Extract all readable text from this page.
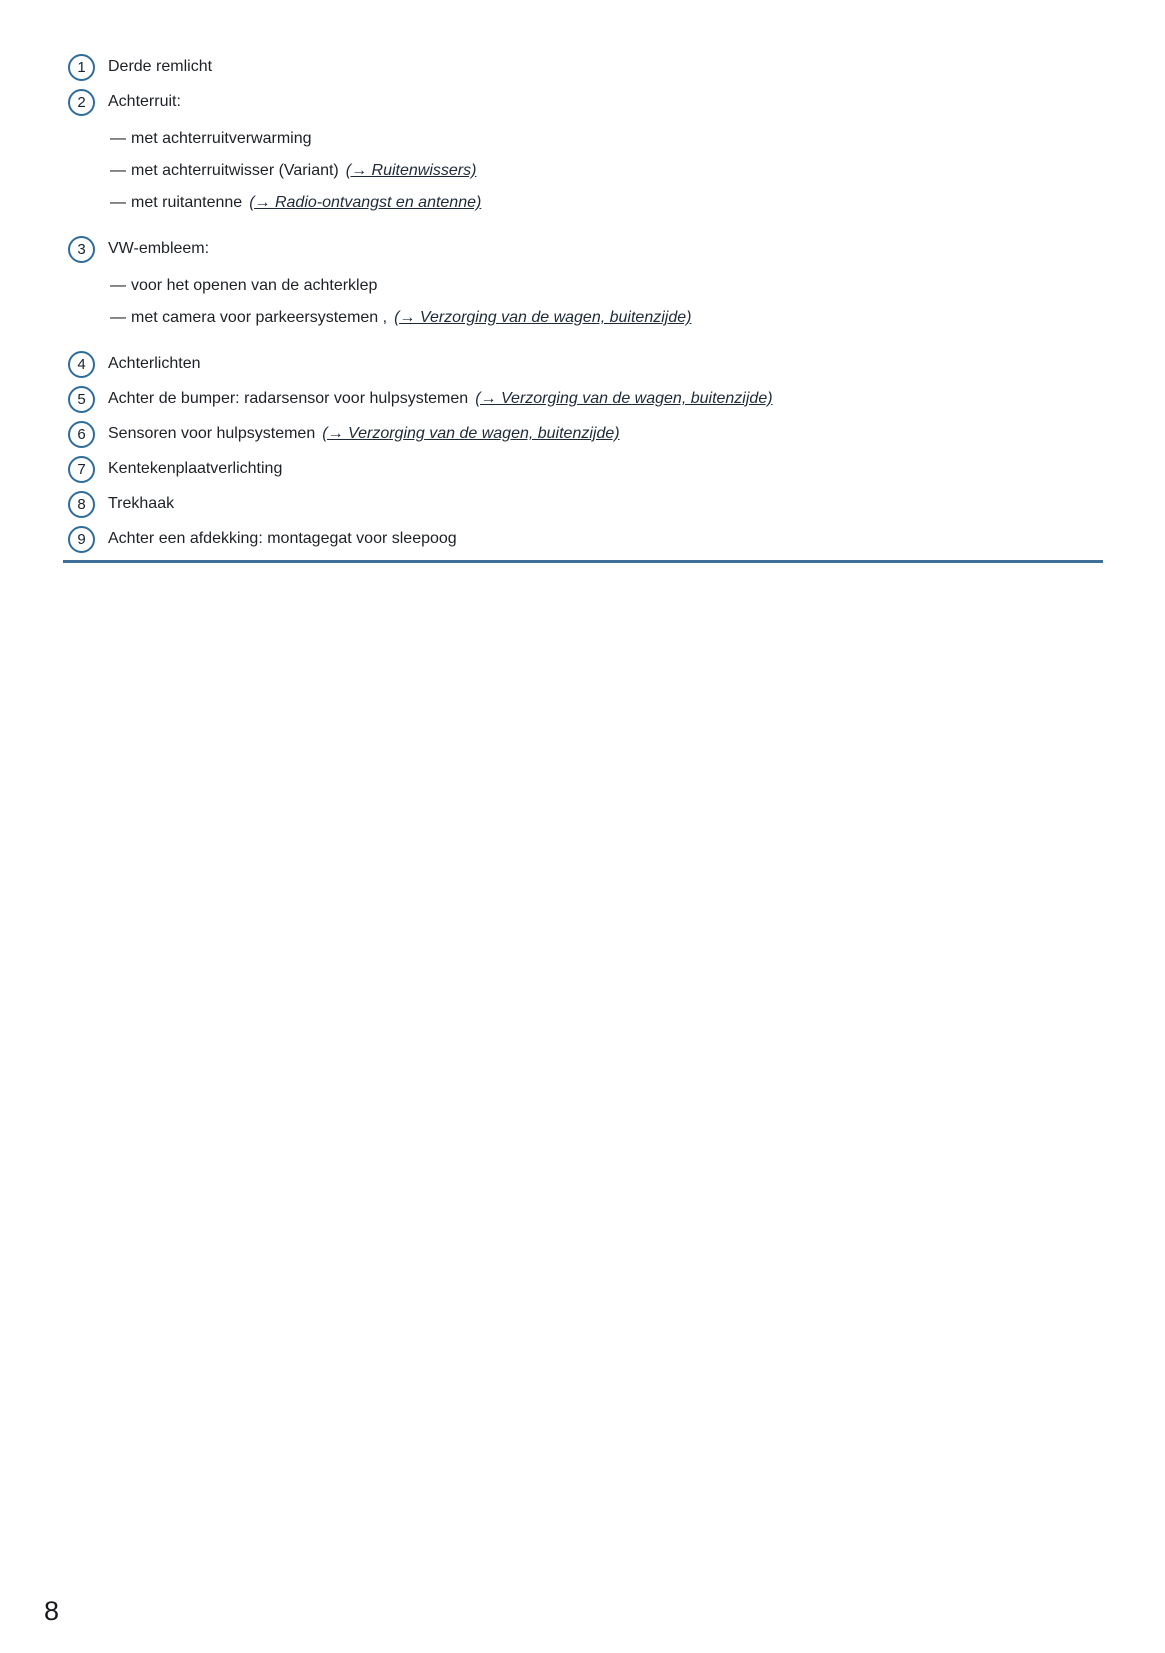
1 Derde remlicht
2 Achterruit:
— met achterruitverwarming
— met achterruitwisser (Variant) (→ Ruitenwissers)
— met ruitantenne (→ Radio-ontvangst en antenne)
3 VW-embleem:
— voor het openen van de achterklep
— met camera voor parkeersystemen , (→ Verzorging van de wagen, buitenzijde)
4 Achterlichten
5 Achter de bumper: radarsensor voor hulpsystemen (→ Verzorging van de wagen, buitenzijde)
6 Sensoren voor hulpsystemen (→ Verzorging van de wagen, buitenzijde)
7 Kentekenplaatverlichting
8 Trekhaak
9 Achter een afdekking: montagegat voor sleepoog
8
